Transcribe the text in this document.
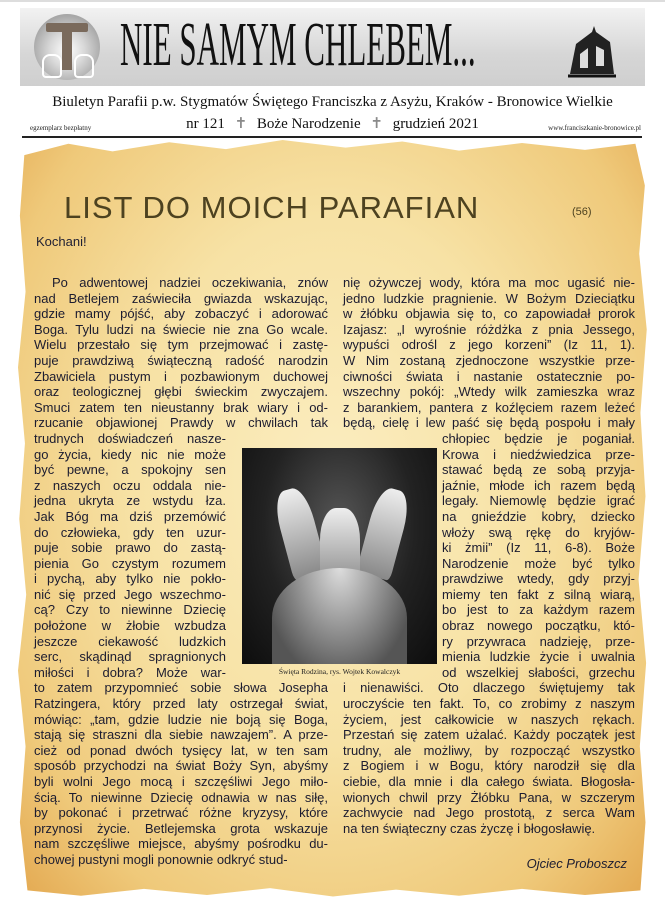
NIE SAMYM CHLEBEM...
Biuletyn Parafii p.w. Stygmatów Świętego Franciszka z Asyżu, Kraków - Bronowice Wielkie
nr 121 ✝ Boże Narodzenie ✝ grudzień 2021
egzemplarz bezpłatny	www.franciszkanie-bronowice.pl
LIST DO MOICH PARAFIAN	(56)
Kochani!
Po adwentowej nadziei oczekiwania, znów
nad Betlejem zaświeciła gwiazda wskazując,
gdzie mamy pójść, aby zobaczyć i adorować
Boga. Tylu ludzi na świecie nie zna Go wcale.
Wielu przestało się tym przejmować i zastę-
puje prawdziwą świąteczną radość narodzin
Zbawiciela pustym i pozbawionym duchowej
oraz teologicznej głębi świeckim zwyczajem.
Smuci zatem ten nieustanny brak wiary i od-
rzucanie objawionej Prawdy w chwilach tak
trudnych doświadczeń nasze-
go życia, kiedy nic nie może
być pewne, a spokojny sen
z naszych oczu oddala nie-
jedna ukryta ze wstydu łza.
Jak Bóg ma dziś przemówić
do człowieka, gdy ten uzur-
puje sobie prawo do zastą-
pienia Go czystym rozumem
i pychą, aby tylko nie pokło-
nić się przed Jego wszechmo-
cą? Czy to niewinne Dziecię
położone w żłobie wzbudza
jeszcze ciekawość ludzkich
serc, skądinąd spragnionych
miłości i dobra? Może war-
to zatem przypomnieć sobie słowa Josepha
Ratzingera, który przed laty ostrzegał świat,
mówiąc: „tam, gdzie ludzie nie boją się Boga,
stają się straszni dla siebie nawzajem”. A prze-
cież od ponad dwóch tysięcy lat, w ten sam
sposób przychodzi na świat Boży Syn, abyśmy
byli wolni Jego mocą i szczęśliwi Jego miło-
ścią. To niewinne Dziecię odnawia w nas siłę,
by pokonać i przetrwać różne kryzysy, które
przynosi życie. Betlejemska grota wskazuje
nam szczęśliwe miejsce, abyśmy pośrodku du-
chowej pustyni mogli ponownie odkryć stud-
nię ożywczej wody, która ma moc ugasić nie-
jedno ludzkie pragnienie. W Bożym Dzieciątku
w żłóbku objawia się to, co zapowiadał prorok
Izajasz: „I wyrośnie różdżka z pnia Jessego,
wypuści odrośl z jego korzeni” (Iz 11, 1).
W Nim zostaną zjednoczone wszystkie prze-
ciwności świata i nastanie ostatecznie po-
wszechny pokój: „Wtedy wilk zamieszka wraz
z barankiem, pantera z koźlęciem razem leżeć
będą, cielę i lew paść się będą pospołu i mały
chłopiec będzie je poganiał.
Krowa i niedźwiedzica prze-
stawać będą ze sobą przyja-
jaźnie, młode ich razem będą
legały. Niemowlę będzie igrać
na gnieździe kobry, dziecko
włoży swą rękę do kryjów-
ki żmii” (Iz 11, 6-8). Boże
Narodzenie może być tylko
prawdziwe wtedy, gdy przyj-
miemy ten fakt z silną wiarą,
bo jest to za każdym razem
obraz nowego początku, któ-
ry przywraca nadzieję, prze-
mienia ludzkie życie i uwalnia
od wszelkiej słabości, grzechu
i nienawiści. Oto dlaczego świętujemy tak
uroczyście ten fakt. To, co zrobimy z naszym
życiem, jest całkowicie w naszych rękach.
Przestań się zatem użalać. Każdy początek jest
trudny, ale możliwy, by rozpocząć wszystko
z Bogiem i w Bogu, który narodził się dla
ciebie, dla mnie i dla całego świata. Błogosła-
wionych chwil przy Żłóbku Pana, w szczerym
zachwycie nad Jego prostotą, z serca Wam
na ten świąteczny czas życzę i błogosławię.
Święta Rodzina, rys. Wojtek Kowalczyk
Ojciec Proboszcz
